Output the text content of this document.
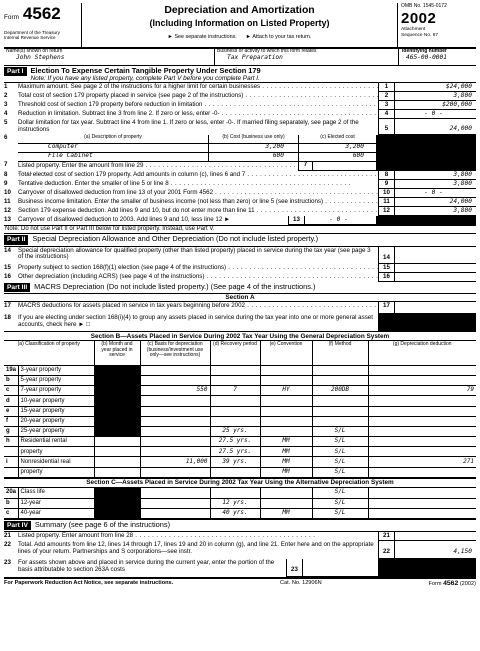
Form 4562
Department of the Treasury
Internal Revenue Service
Depreciation and Amortization
(Including Information on Listed Property)
► See separate instructions. ► Attach to your tax return.
OMB No. 1545-0172
2002
Attachment
Sequence No. 67
Name(s) shown on return
John Stephens
Business or activity to which this form relates
Tax Preparation
Identifying number
465-00-0001
Part I Election To Expense Certain Tangible Property Under Section 179
Note: If you have any listed property, complete Part V before you complete Part I.
1	Maximum amount. See page 2 of the instructions for a higher limit for certain businesses . . .	1	$24,000
2	Total cost of section 179 property placed in service (see page 2 of the instructions) . . .	2	3,800
3	Threshold cost of section 179 property before reduction in limitation . . .	3	$200,000
4	Reduction in limitation. Subtract line 3 from line 2. If zero or less, enter -0- . . .	4	- 0 -
5	Dollar limitation for tax year. Subtract line 4 from line 1. If zero or less, enter -0-. If married filing separately, see page 2 of the instructions	5	24,000
6	(a) Description of property	(b) Cost (business use only)	(c) Elected cost
Computer	3,200	3,200
File Cabinet	600	600
7	Listed property. Enter the amount from line 29 . . .	7
8	Total elected cost of section 179 property. Add amounts in column (c), lines 6 and 7 . . .	8	3,800
9	Tentative deduction. Enter the smaller of line 5 or line 8 . . .	9	3,800
10	Carryover of disallowed deduction from line 13 of your 2001 Form 4562 . . .	10	- 0 -
11	Business income limitation. Enter the smaller of business income (not less than zero) or line 5 (see instructions) . . .	11	24,000
12	Section 179 expense deduction. Add lines 9 and 10, but do not enter more than line 11 . . .	12	3,800
13	Carryover of disallowed deduction to 2003. Add lines 9 and 10, less line 12 ►	13	- 0 -
Note: Do not use Part II or Part III below for listed property. Instead, use Part V.
Part II Special Depreciation Allowance and Other Depreciation (Do not include listed property.)
14	Special depreciation allowance for qualified property (other than listed property) placed in service during the tax year (see page 3 of the instructions)	14
15	Property subject to section 168(f)(1) election (see page 4 of the instructions) . . .	15
16	Other depreciation (including ACRS) (see page 4 of the instructions) . . .	16
Part III MACRS Depreciation (Do not include listed property.) (See page 4 of the instructions.)
Section A
17	MACRS deductions for assets placed in service in tax years beginning before 2002 . . .	17
18	If you are electing under section 168(i)(4) to group any assets placed in service during the tax year into one or more general asset accounts, check here ► □
Section B—Assets Placed in Service During 2002 Tax Year Using the General Depreciation System
(a) Classification of property		(b) Month and year placed in service	(c) Basis for depreciation (business/investment use only—see instructions)	(d) Recovery period	(e) Convention	(f) Method	(g) Depreciation deduction
19a	3-year property						
b	5-year property						
c	7-year property		550	7	HY	200DB	79
d	10-year property						
e	15-year property						
f	20-year property						
g	25-year property			25 yrs.		S/L	
h	Residential rental			27.5 yrs.	MM	S/L	
	property			27.5 yrs.	MM	S/L	
i	Nonresidential real		11,000	39 yrs.	MM	S/L	271
	property				MM	S/L	
Section C—Assets Placed in Service During 2002 Tax Year Using the Alternative Depreciation System
20a	Class life					S/L	
b	12-year			12 yrs.		S/L	
c	40-year			40 yrs.	MM	S/L	
Part IV Summary (see page 6 of the instructions)
21	Listed property. Enter amount from line 28 . . .	21
22	Total. Add amounts from line 12, lines 14 through 17, lines 19 and 20 in column (g), and line 21. Enter here and on the appropriate lines of your return. Partnerships and S corporations—see instr.	22	4,150
23	For assets shown above and placed in service during the current year, enter the portion of the basis attributable to section 263A costs	23
For Paperwork Reduction Act Notice, see separate instructions.	Cat. No. 12906N	Form 4562 (2002)
